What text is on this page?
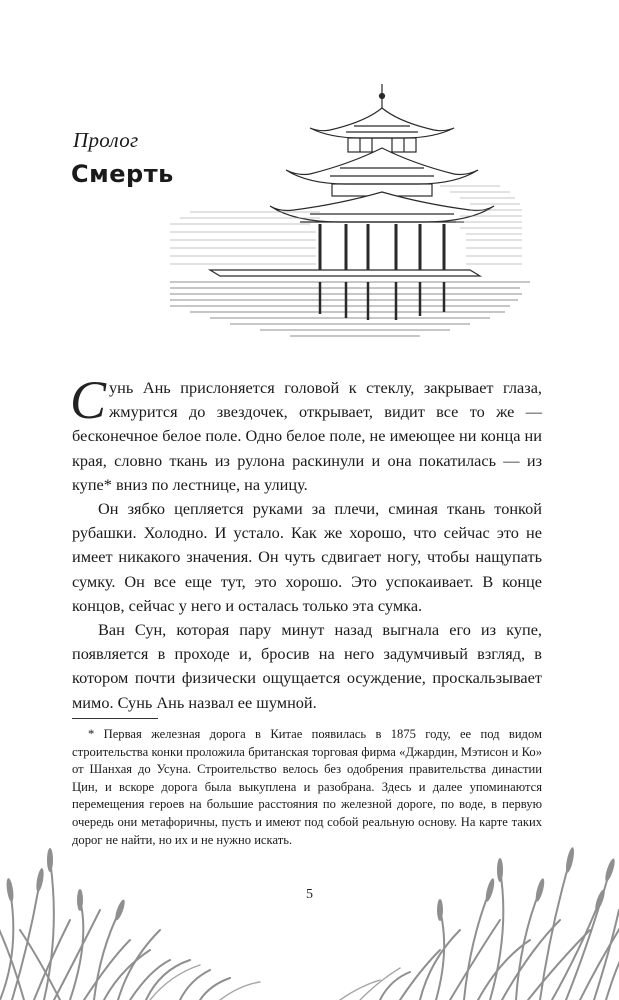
Пролог
Смерть

Сунь Ань прислоняется головой к стеклу, закрывает глаза, жмурится до звездочек, открывает, видит все то же — бесконечное белое поле. Одно белое поле, не имеющее ни конца ни края, словно ткань из рулона раскинули и она покатилась — из купе* вниз по лестнице, на улицу.

Он зябко цепляется руками за плечи, сминая ткань тонкой рубашки. Холодно. И устало. Как же хорошо, что сейчас это не имеет никакого значения. Он чуть сдвигает ногу, чтобы нащупать сумку. Он все еще тут, это хорошо. Это успокаивает. В конце концов, сейчас у него и осталась только эта сумка.

Ван Сун, которая пару минут назад выгнала его из купе, появляется в проходе и, бросив на него задумчивый взгляд, в котором почти физически ощущается осуждение, проскальзывает мимо. Сунь Ань назвал ее шумной.

* Первая железная дорога в Китае появилась в 1875 году, ее под видом строительства конки проложила британская торговая фирма «Джардин, Мэтисон и Ко» от Шанхая до Усуна. Строительство велось без одобрения правительства династии Цин, и вскоре дорога была выкуплена и разобрана. Здесь и далее упоминаются перемещения героев на большие расстояния по железной дороге, по воде, в первую очередь они метафоричны, пусть и имеют под собой реальную основу. На карте таких дорог не найти, но их и не нужно искать.

5
